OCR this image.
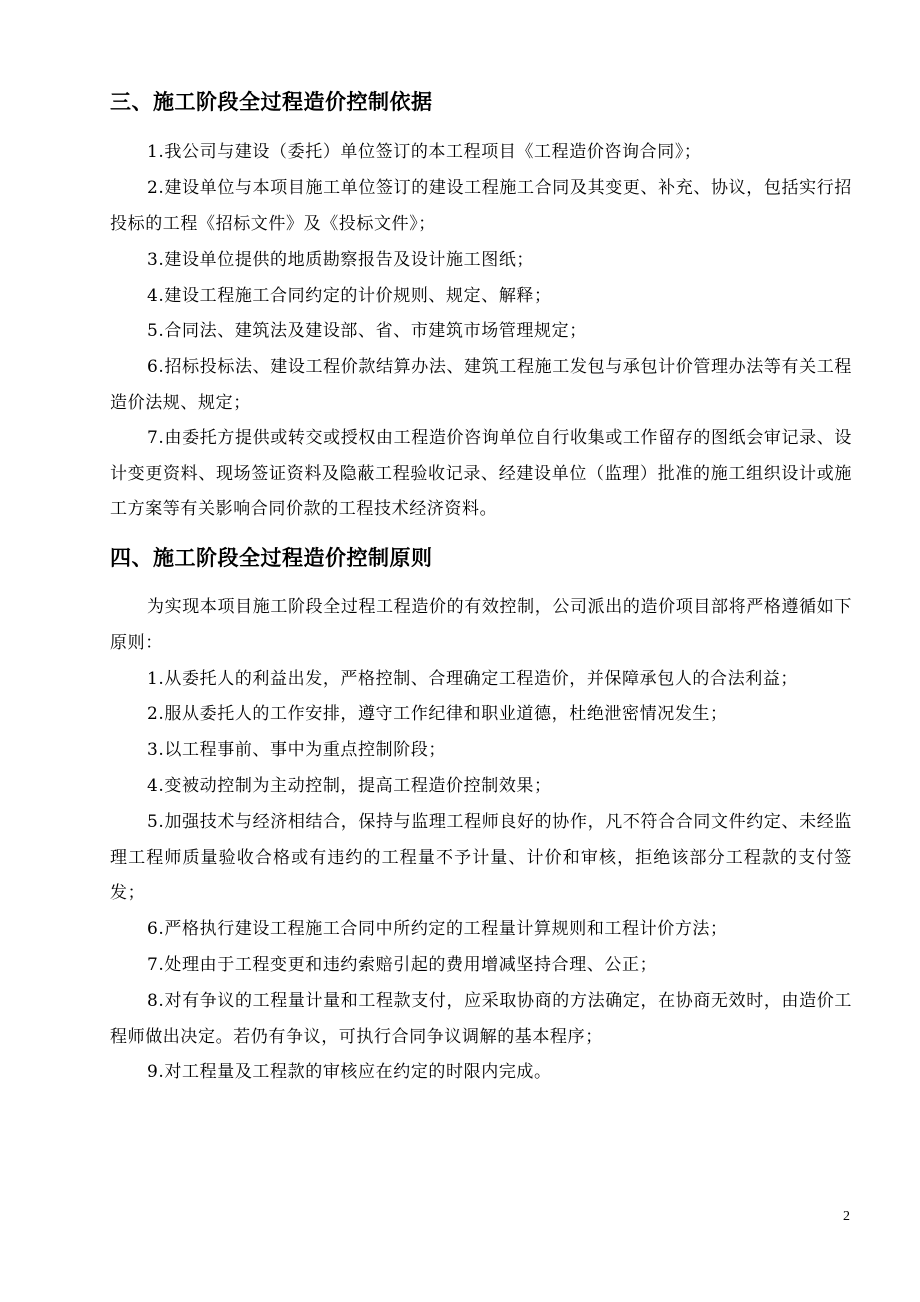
三、施工阶段全过程造价控制依据

1.我公司与建设（委托）单位签订的本工程项目《工程造价咨询合同》；

2.建设单位与本项目施工单位签订的建设工程施工合同及其变更、补充、协议，包括实行招投标的工程《招标文件》及《投标文件》；

3.建设单位提供的地质勘察报告及设计施工图纸；

4.建设工程施工合同约定的计价规则、规定、解释；

5.合同法、建筑法及建设部、省、市建筑市场管理规定；

6.招标投标法、建设工程价款结算办法、建筑工程施工发包与承包计价管理办法等有关工程造价法规、规定；

7.由委托方提供或转交或授权由工程造价咨询单位自行收集或工作留存的图纸会审记录、设计变更资料、现场签证资料及隐蔽工程验收记录、经建设单位（监理）批准的施工组织设计或施工方案等有关影响合同价款的工程技术经济资料。

四、施工阶段全过程造价控制原则

为实现本项目施工阶段全过程工程造价的有效控制，公司派出的造价项目部将严格遵循如下原则：

1.从委托人的利益出发，严格控制、合理确定工程造价，并保障承包人的合法利益；

2.服从委托人的工作安排，遵守工作纪律和职业道德，杜绝泄密情况发生；

3.以工程事前、事中为重点控制阶段；

4.变被动控制为主动控制，提高工程造价控制效果；

5.加强技术与经济相结合，保持与监理工程师良好的协作，凡不符合合同文件约定、未经监理工程师质量验收合格或有违约的工程量不予计量、计价和审核，拒绝该部分工程款的支付签发；

6.严格执行建设工程施工合同中所约定的工程量计算规则和工程计价方法；

7.处理由于工程变更和违约索赔引起的费用增减坚持合理、公正；

8.对有争议的工程量计量和工程款支付，应采取协商的方法确定，在协商无效时，由造价工程师做出决定。若仍有争议，可执行合同争议调解的基本程序；

9.对工程量及工程款的审核应在约定的时限内完成。

2
